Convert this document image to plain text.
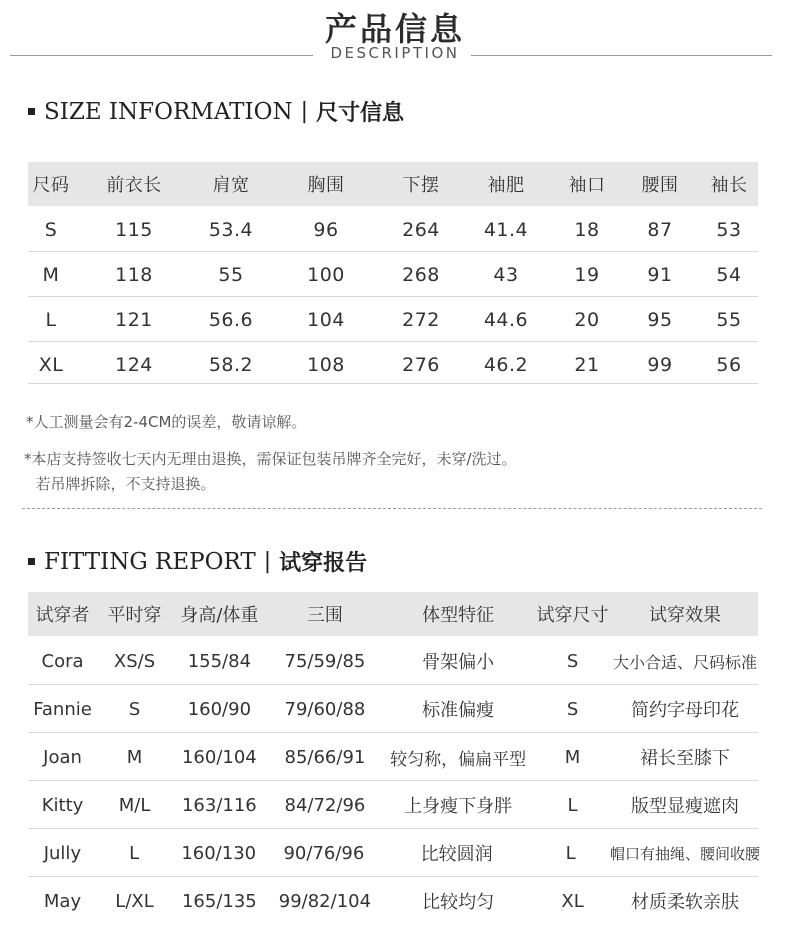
产品信息
DESCRIPTION
SIZE INFORMATION | 尺寸信息
尺码	前衣长	肩宽	胸围	下摆	袖肥	袖口	腰围	袖长
S	115	53.4	96	264	41.4	18	87	53
M	118	55	100	268	43	19	91	54
L	121	56.6	104	272	44.6	20	95	55
XL	124	58.2	108	276	46.2	21	99	56
*人工测量会有2-4CM的误差，敬请谅解。
*本店支持签收七天内无理由退换，需保证包装吊牌齐全完好，未穿/洗过。
若吊牌拆除，不支持退换。
FITTING REPORT | 试穿报告
试穿者	平时穿	身高/体重	三围	体型特征	试穿尺寸	试穿效果
Cora	XS/S	155/84	75/59/85	骨架偏小	S	大小合适、尺码标准
Fannie	S	160/90	79/60/88	标准偏瘦	S	简约字母印花
Joan	M	160/104	85/66/91	较匀称，偏扁平型	M	裙长至膝下
Kitty	M/L	163/116	84/72/96	上身瘦下身胖	L	版型显瘦遮肉
Jully	L	160/130	90/76/96	比较圆润	L	帽口有抽绳、腰间收腰
May	L/XL	165/135	99/82/104	比较均匀	XL	材质柔软亲肤
